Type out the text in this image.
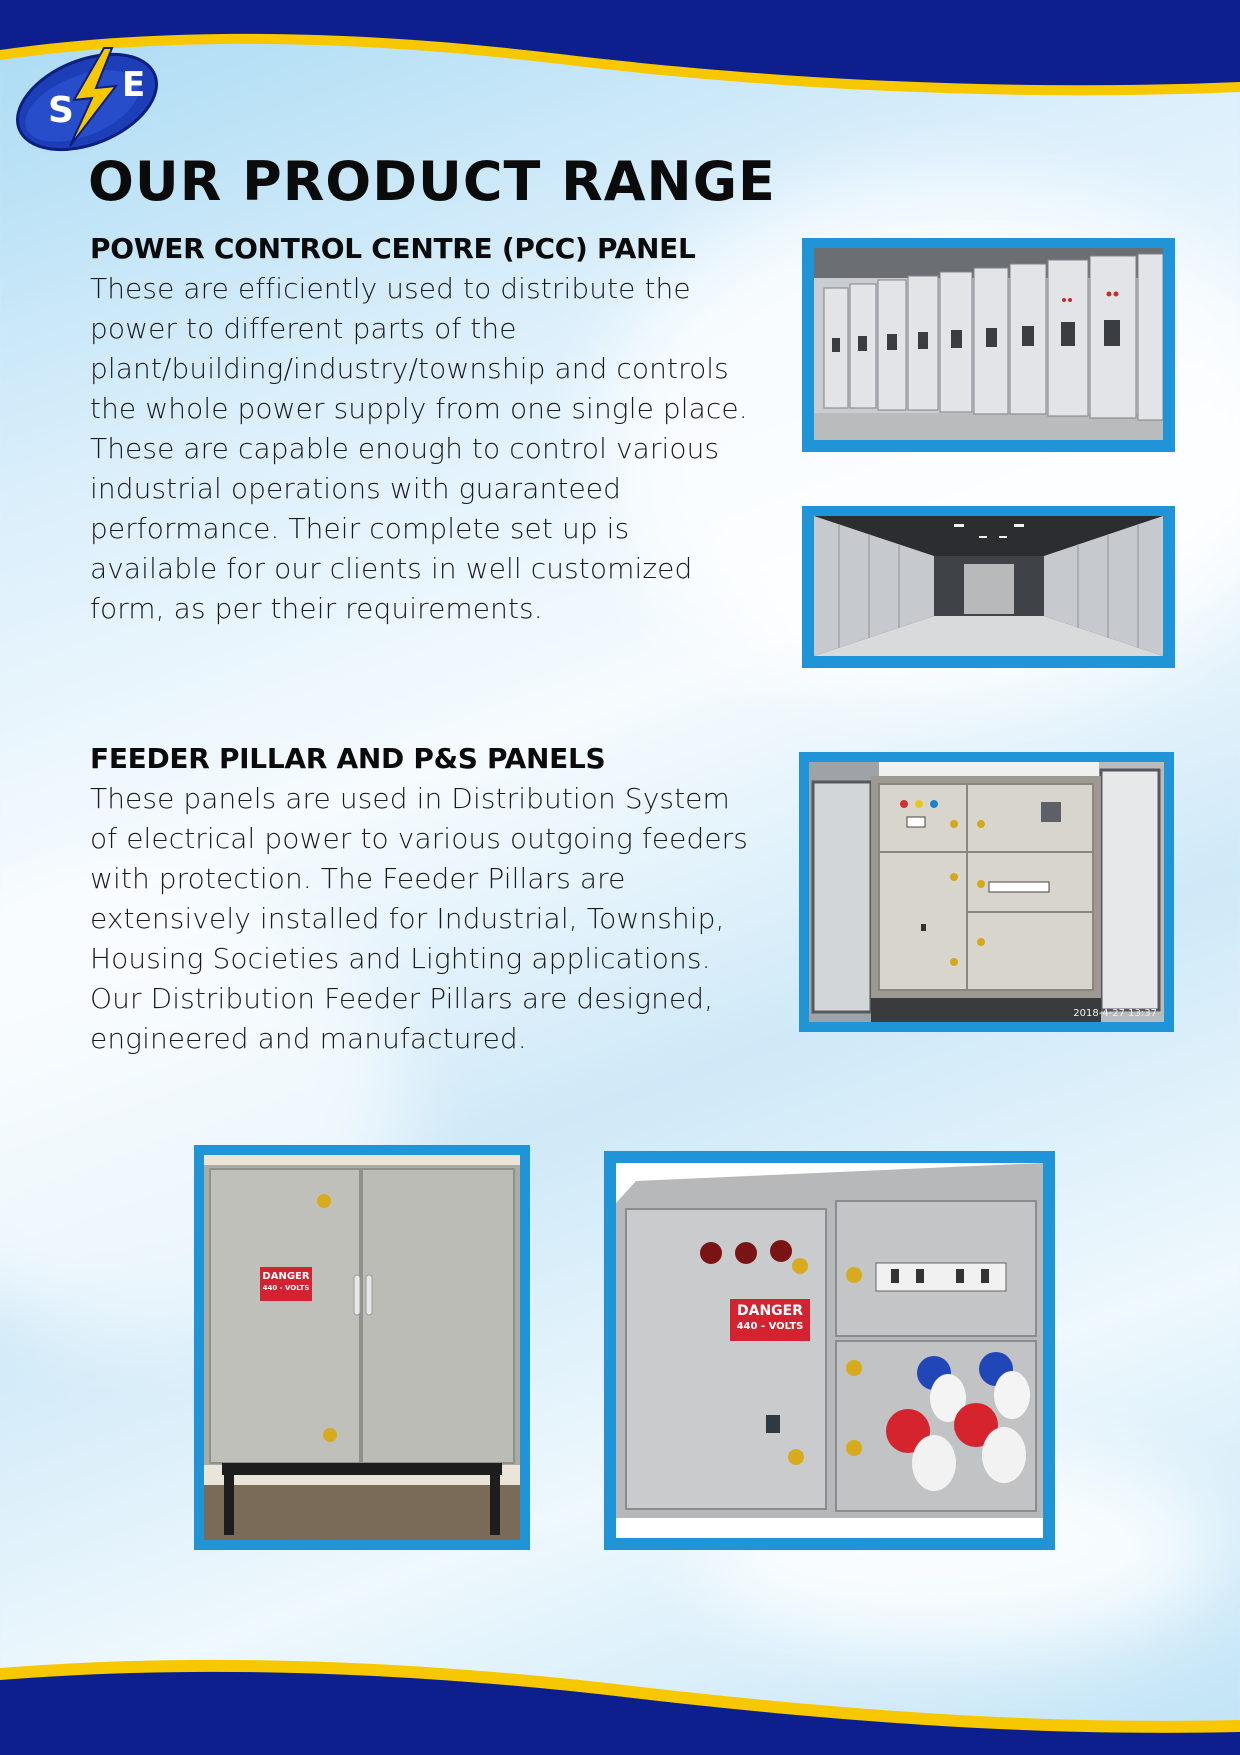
S
E
OUR PRODUCT RANGE
POWER CONTROL CENTRE (PCC) PANEL

These are efficiently used to distribute the power to different parts of the plant/building/industry/township and controls the whole power supply from one single place. These are capable enough to control various industrial operations with guaranteed performance. Their complete set up is available for our clients in well customized form, as per their requirements.

FEEDER PILLAR AND P&S PANELS

These panels are used in Distribution System of electrical power to various outgoing feeders with protection. The Feeder Pillars are extensively installed for Industrial, Township, Housing Societies and Lighting applications. Our Distribution Feeder Pillars are designed, engineered and manufactured.

2018-4-27 13:37
DANGER
440 - VOLTS
DANGER
440 - VOLTS
